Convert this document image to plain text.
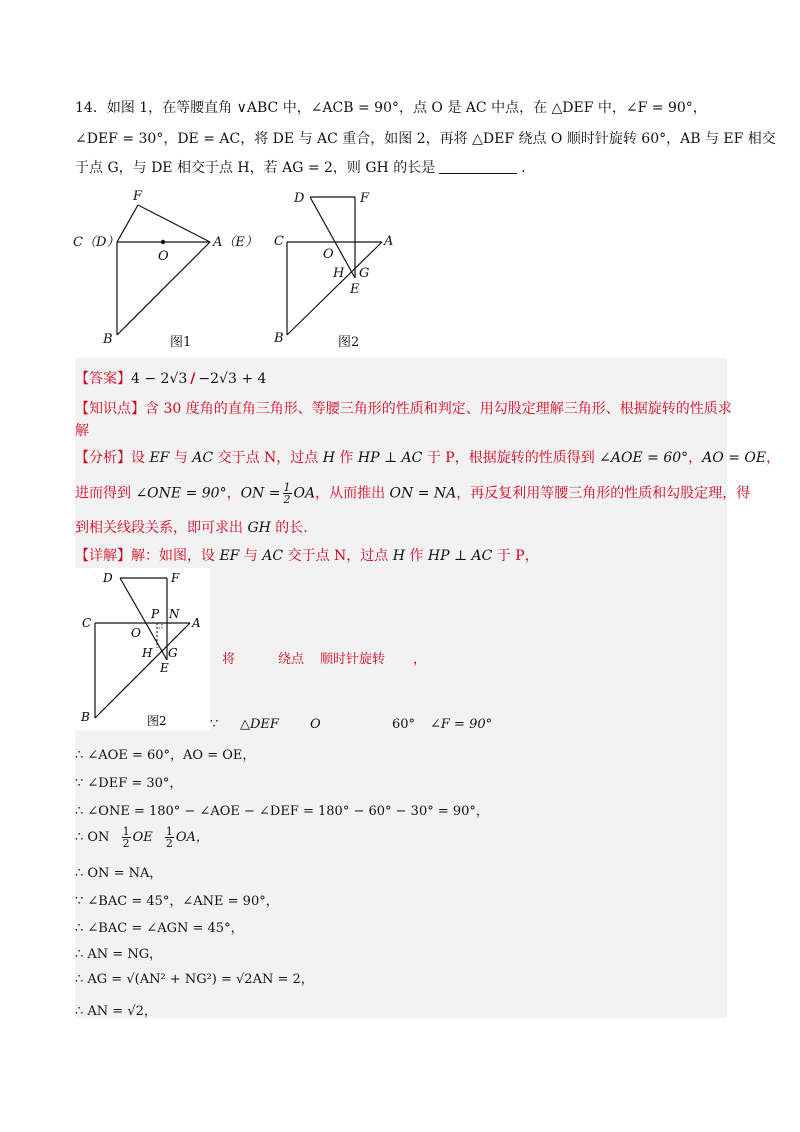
14．如图 1，在等腰直角 ∨ABC 中，∠ACB = 90°，点 O 是 AC 中点，在 △DEF 中，∠F = 90°，
∠DEF = 30°，DE = AC，将 DE 与 AC 重合，如图 2，再将 △DEF 绕点 O 顺时针旋转 60°，AB 与 EF 相交
于点 G，与 DE 相交于点 H，若 AG = 2，则 GH 的长是	.
F
C（D）
O
A（E）
B	图1
D	F
C
O
A
H G
E
B	图2
【答案】4 − 2√3 / −2√3 + 4
【知识点】含 30 度角的直角三角形、等腰三角形的性质和判定、用勾股定理解三角形、根据旋转的性质求
解
【分析】设 EF 与 AC 交于点 N，过点 H 作 HP ⊥ AC 于 P，根据旋转的性质得到 ∠AOE = 60°，AO = OE，
进而得到 ∠ONE = 90°，ON = $\frac{1}{2}$ OA，从而推出 ON = NA，再反复利用等腰三角形的性质和勾股定理，得
到相关线段关系，即可求出 GH 的长.
【详解】解：如图，设 EF 与 AC 交于点 N，过点 H 作 HP ⊥ AC 于 P，
D	F
P N
C
O
A
H G
E
B	图2
将	绕点 顺时针旋转 ，
∵ △DEF O	60° ∠F = 90°
∴ ∠AOE = 60°，AO = OE，
∵ ∠DEF = 30°，
∴ ∠ONE = 180° − ∠AOE − ∠DEF = 180° − 60° − 30° = 90°，
∴ ON $\frac{1}{2}$ OE $\frac{1}{2}$ OA，
∴ ON = NA，
∵ ∠BAC = 45°，∠ANE = 90°，
∴ ∠BAC = ∠AGN = 45°，
∴ AN = NG，
∴ AG = √(AN² + NG²) = √2AN = 2，
∴ AN = √2，
